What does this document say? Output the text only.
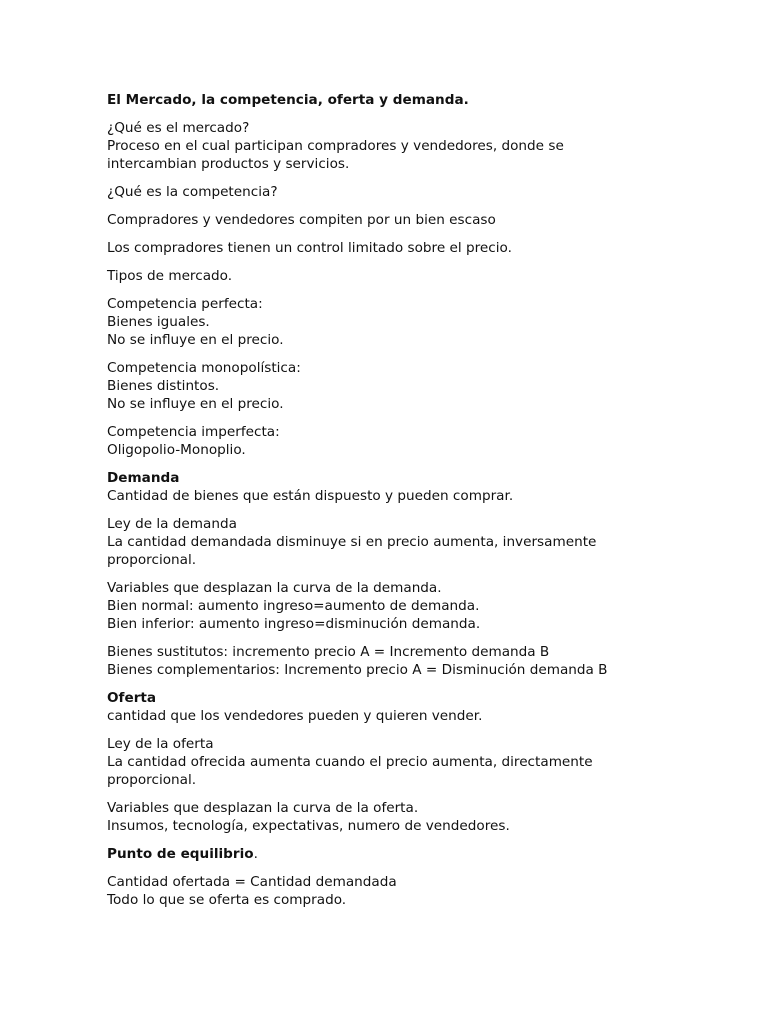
El Mercado, la competencia, oferta y demanda.

¿Qué es el mercado?
Proceso en el cual participan compradores y vendedores, donde se
intercambian productos y servicios.

¿Qué es la competencia?

Compradores y vendedores compiten por un bien escaso

Los compradores tienen un control limitado sobre el precio.

Tipos de mercado.

Competencia perfecta:
Bienes iguales.
No se influye en el precio.

Competencia monopolística:
Bienes distintos.
No se influye en el precio.

Competencia imperfecta:
Oligopolio-Monoplio.

Demanda
Cantidad de bienes que están dispuesto y pueden comprar.

Ley de la demanda
La cantidad demandada disminuye si en precio aumenta, inversamente
proporcional.

Variables que desplazan la curva de la demanda.
Bien normal: aumento ingreso=aumento de demanda.
Bien inferior: aumento ingreso=disminución demanda.

Bienes sustitutos: incremento precio A = Incremento demanda B
Bienes complementarios: Incremento precio A = Disminución demanda B

Oferta
cantidad que los vendedores pueden y quieren vender.

Ley de la oferta
La cantidad ofrecida aumenta cuando el precio aumenta, directamente
proporcional.

Variables que desplazan la curva de la oferta.
Insumos, tecnología, expectativas, numero de vendedores.

Punto de equilibrio.

Cantidad ofertada = Cantidad demandada
Todo lo que se oferta es comprado.
